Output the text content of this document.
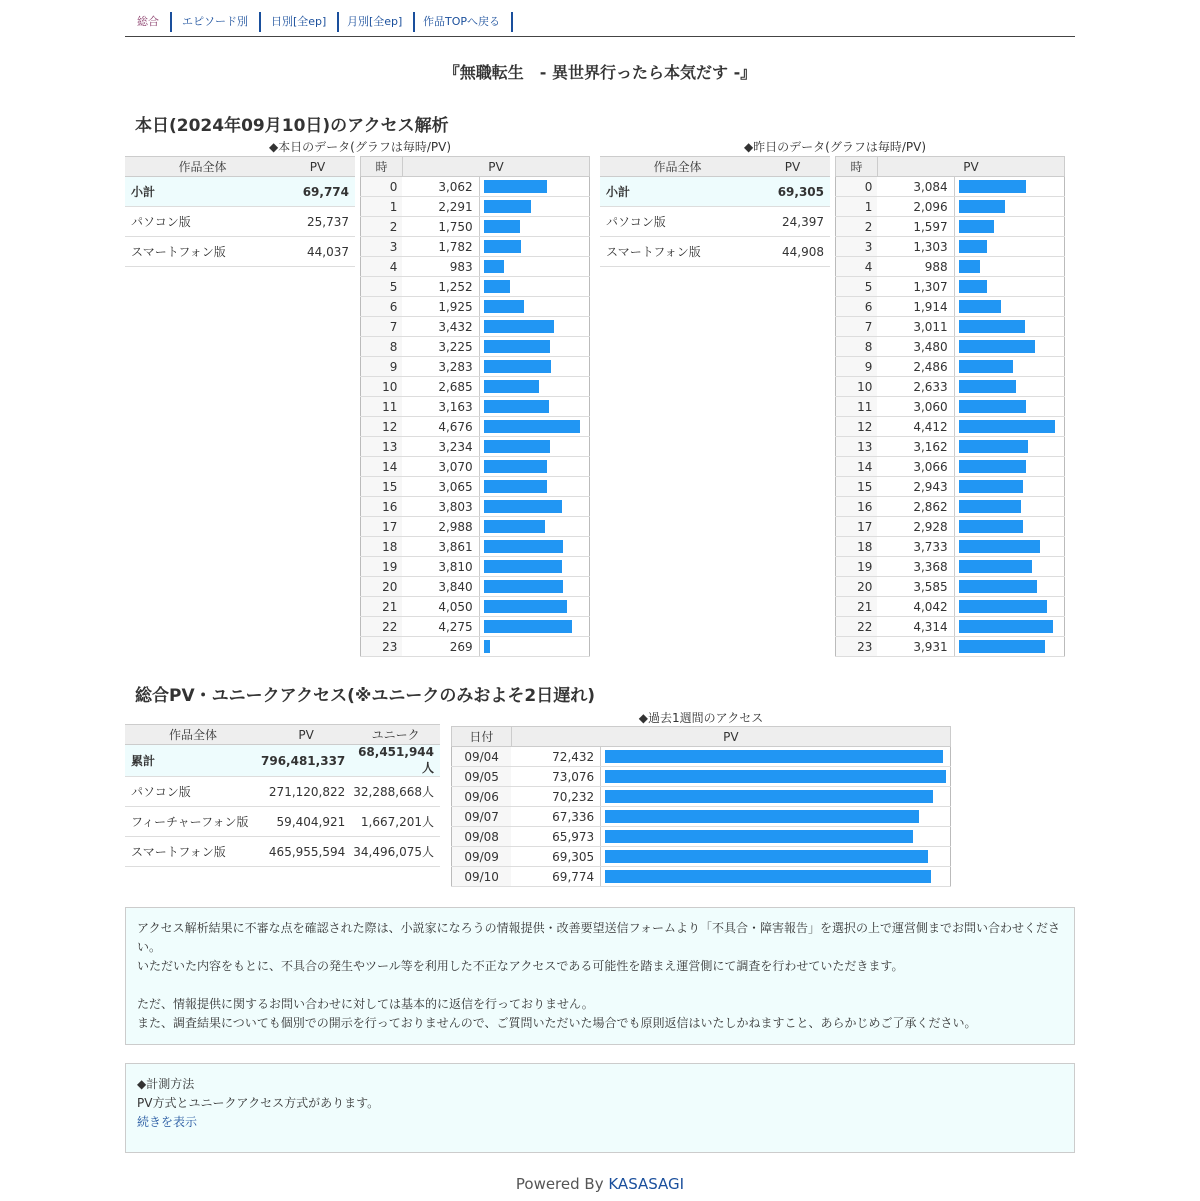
総合	エピソード別	日別[全ep]	月別[全ep]	作品TOPへ戻る
『無職転生　- 異世界行ったら本気だす -』
本日(2024年09月10日)のアクセス解析
◆本日のデータ(グラフは毎時/PV)	◆昨日のデータ(グラフは毎時/PV)
作品全体	PV
小計	69,774
パソコン版	25,737
スマートフォン版	44,037
時	PV	
0	3,062	

1	2,291	

2	1,750	

3	1,782	

4	983	

5	1,252	

6	1,925	

7	3,432	

8	3,225	

9	3,283	

10	2,685	

11	3,163	

12	4,676	

13	3,234	

14	3,070	

15	3,065	

16	3,803	

17	2,988	

18	3,861	

19	3,810	

20	3,840	

21	4,050	

22	4,275	

23	269	
作品全体	PV
小計	69,305
パソコン版	24,397
スマートフォン版	44,908
時	PV	
0	3,084	

1	2,096	

2	1,597	

3	1,303	

4	988	

5	1,307	

6	1,914	

7	3,011	

8	3,480	

9	2,486	

10	2,633	

11	3,060	

12	4,412	

13	3,162	

14	3,066	

15	2,943	

16	2,862	

17	2,928	

18	3,733	

19	3,368	

20	3,585	

21	4,042	

22	4,314	

23	3,931	
総合PV・ユニークアクセス(※ユニークのみおよそ2日遅れ)
作品全体	PV	ユニーク
累計	796,481,337	68,451,944人
パソコン版	271,120,822	32,288,668人
フィーチャーフォン版	59,404,921	1,667,201人
スマートフォン版	465,955,594	34,496,075人
◆過去1週間のアクセス
日付	PV	
09/04	72,432	

09/05	73,076	

09/06	70,232	

09/07	67,336	

09/08	65,973	

09/09	69,305	

09/10	69,774	

アクセス解析結果に不審な点を確認された際は、小説家になろうの情報提供・改善要望送信フォームより「不具合・障害報告」を選択の上で運営側までお問い合わせください。

いただいた内容をもとに、不具合の発生やツール等を利用した不正なアクセスである可能性を踏まえ運営側にて調査を行わせていただきます。

ただ、情報提供に関するお問い合わせに対しては基本的に返信を行っておりません。

また、調査結果についても個別での開示を行っておりませんので、ご質問いただいた場合でも原則返信はいたしかねますこと、あらかじめご了承ください。

◆計測方法

PV方式とユニークアクセス方式があります。

続きを表示

Powered By KASASAGI
